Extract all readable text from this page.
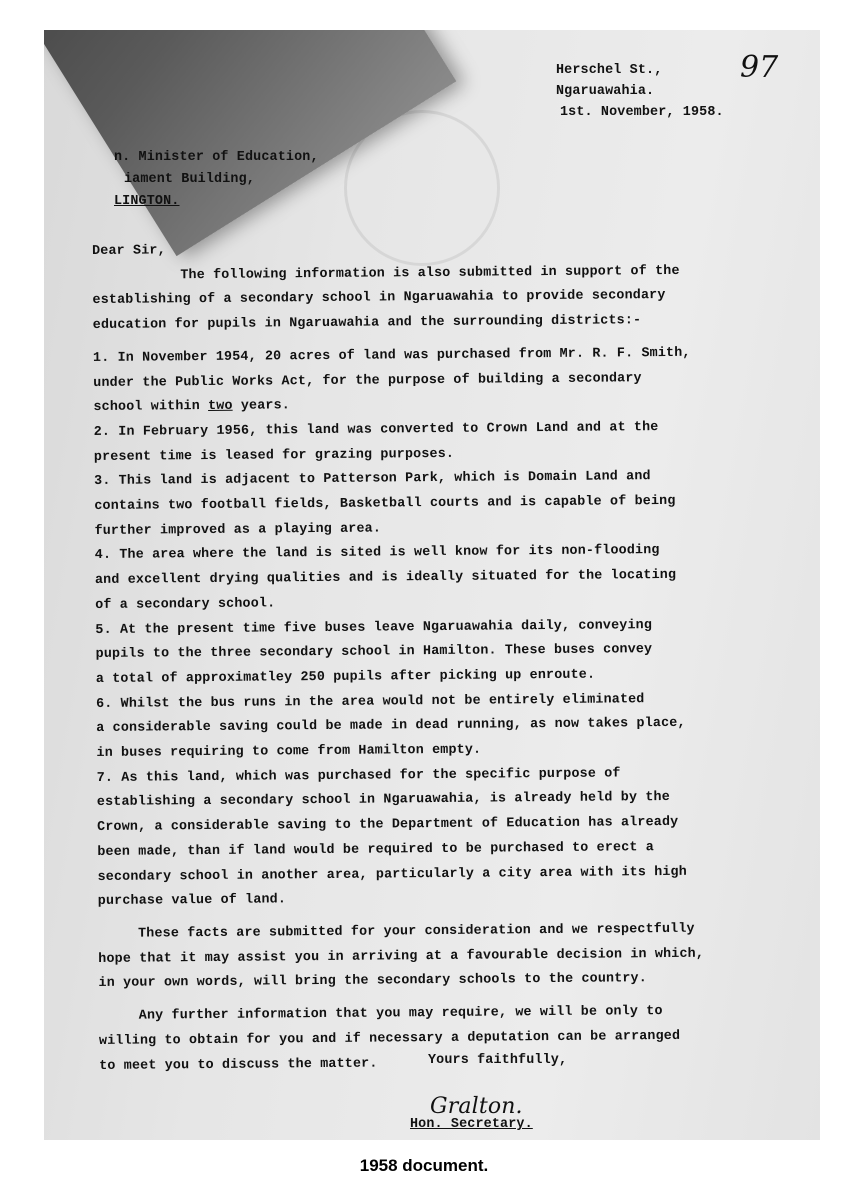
Herschel St.,
Ngaruawahia.
1st. November, 1958.
97
n. Minister of Education,
iament Building,
LINGTON.
Dear Sir,
The following information is also submitted in support of the
establishing of a secondary school in Ngaruawahia to provide secondary
education for pupils in Ngaruawahia and the surrounding districts:-
1. In November 1954, 20 acres of land was purchased from Mr. R. F. Smith,
under the Public Works Act, for the purpose of building a secondary
school within two years.
2. In February 1956, this land was converted to Crown Land and at the
present time is leased for grazing purposes.
3. This land is adjacent to Patterson Park, which is Domain Land and
contains two football fields, Basketball courts and is capable of being
further improved as a playing area.
4. The area where the land is sited is well know for its non-flooding
and excellent drying qualities and is ideally situated for the locating
of a secondary school.
5. At the present time five buses leave Ngaruawahia daily, conveying
pupils to the three secondary school in Hamilton. These buses convey
a total of approximatley 250 pupils after picking up enroute.
6. Whilst the bus runs in the area would not be entirely eliminated
a considerable saving could be made in dead running, as now takes place,
in buses requiring to come from Hamilton empty.
7. As this land, which was purchased for the specific purpose of
establishing a secondary school in Ngaruawahia, is already held by the
Crown, a considerable saving to the Department of Education has already
been made, than if land would be required to be purchased to erect a
secondary school in another area, particularly a city area with its high
purchase value of land.
These facts are submitted for your consideration and we respectfully
hope that it may assist you in arriving at a favourable decision in which,
in your own words, will bring the secondary schools to the country.
Any further information that you may require, we will be only to
willing to obtain for you and if necessary a deputation can be arranged
to meet you to discuss the matter.	Yours faithfully,
Gralton.
Hon. Secretary.
1958 document.
